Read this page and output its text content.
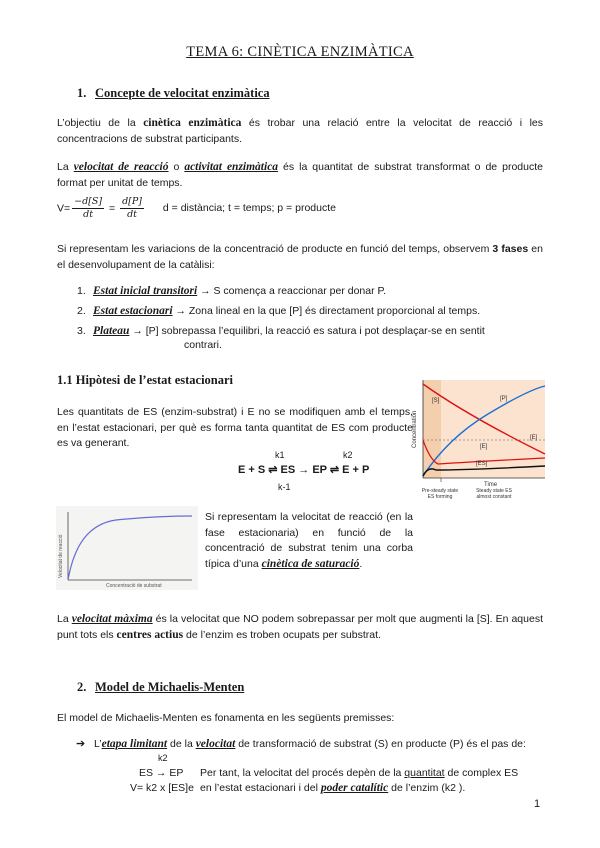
TEMA 6: CINÈTICA ENZIMÀTICA
1. Concepte de velocitat enzimàtica
L’objectiu de la cinètica enzimàtica és trobar una relació entre la velocitat de reacció i les concentracions de substrat participants.
La velocitat de reacció o activitat enzimàtica és la quantitat de substrat transformat o de producte format per unitat de temps.
$V= \frac{-d[S]}{dt} = \frac{d[P]}{dt}$ d = distància; t = temps; p = producte
Si representam les variacions de la concentració de producte en funció del temps, observem 3 fases en el desenvolupament de la catàlisi:
1. Estat inicial transitori → S comença a reaccionar per donar P.
2. Estat estacionari → Zona lineal en la que [P] és directament proporcional al temps.
3. Plateau → [P] sobrepassa l’equilibri, la reacció es satura i pot desplaçar-se en sentit
contrari.
1.1 Hipòtesi de l’estat estacionari
Les quantitats de ES (enzim-substrat) i E no se modifiquen amb el temps, en l’estat estacionari, per què es forma tanta quantitat de ES com producte es va generant.
k1	k2
E + S ⇌ ES → EP ⇌ E + P
k-1
[S]	[P]
[E]
[E]
[ES]
Concentration
Time
Pre-steady state ES forming
Steady state ES almost constant
Velocitat de reacció
Concentració de substrat
Si representam la velocitat de reacció (en la fase estacionaria) en funció de la concentració de substrat tenim una corba típica d’una cinètica de saturació.
La velocitat màxima és la velocitat que NO podem sobrepassar per molt que augmenti la [S]. En aquest punt tots els centres actius de l’enzim es troben ocupats per substrat.
2. Model de Michaelis-Menten
El model de Michaelis-Menten es fonamenta en les següents premisses:
➔ L’etapa limitant de la velocitat de transformació de substrat (S) en producte (P) és el pas de:
k2
ES → EP Per tant, la velocitat del procés depèn de la quantitat de complex ES
V= k2 x [ES]e en l’estat estacionari i del poder catalític de l’enzim (k2 ).
1
